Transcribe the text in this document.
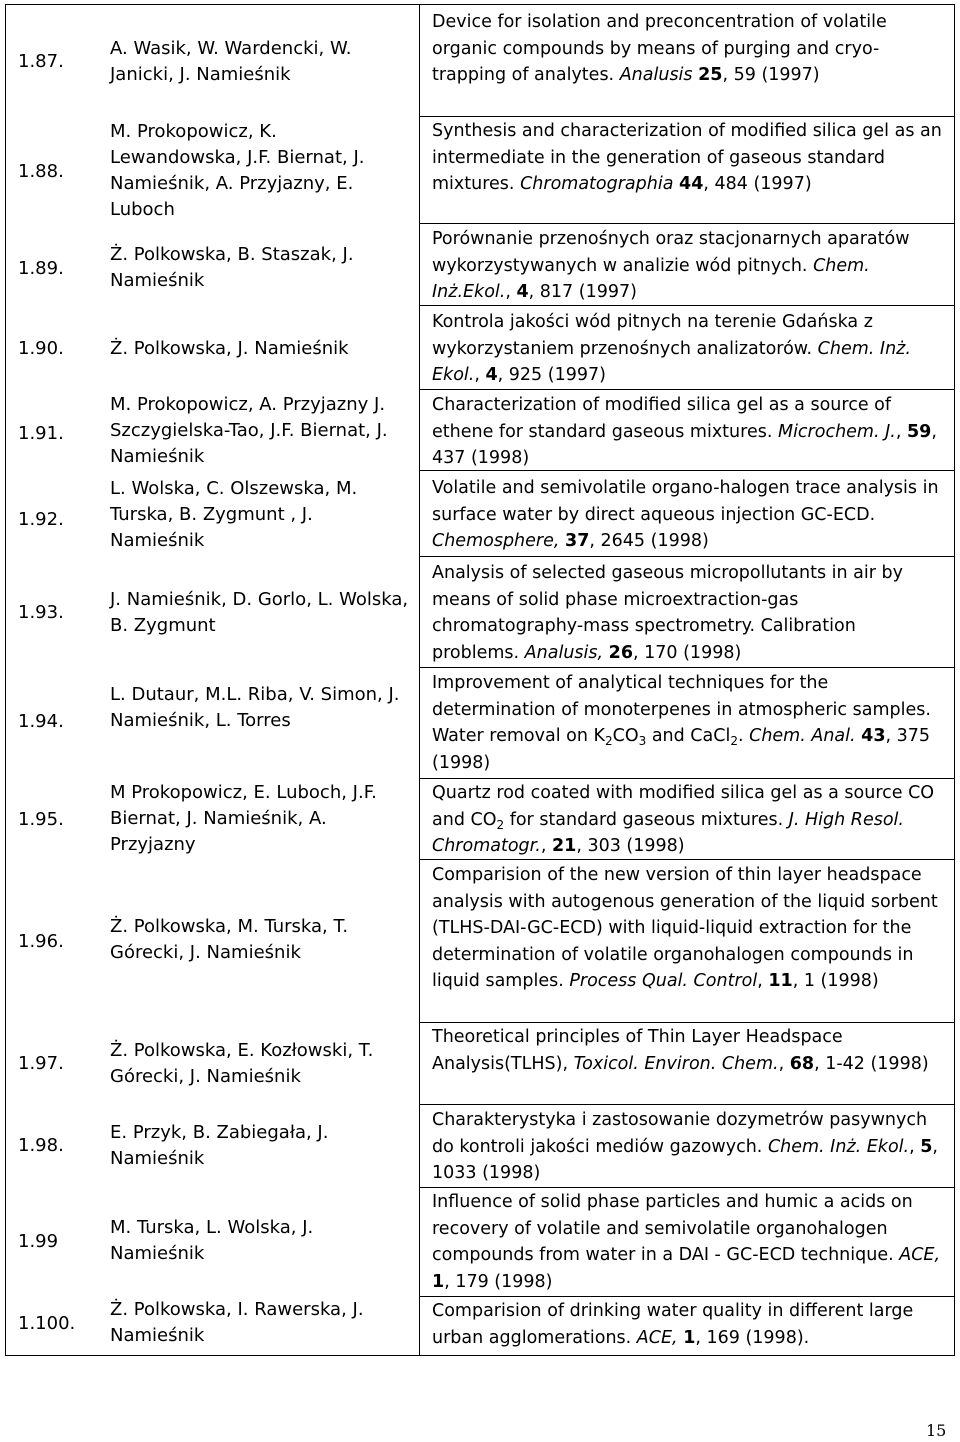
1.87.
A. Wasik, W. Wardencki, W. Janicki, J. Namieśnik
Device for isolation and preconcentration of volatile organic compounds by means of purging and cryo- trapping of analytes. Analusis 25, 59 (1997)
1.88.
M. Prokopowicz, K. Lewandowska, J.F. Biernat, J. Namieśnik, A. Przyjazny, E. Luboch
Synthesis and characterization of modified silica gel as an intermediate in the generation of gaseous standard mixtures. Chromatographia 44, 484 (1997)
1.89.
Ż. Polkowska, B. Staszak, J. Namieśnik
Porównanie przenośnych oraz stacjonarnych aparatów wykorzystywanych w analizie wód pitnych. Chem. Inż.Ekol., 4, 817 (1997)
1.90.	Ż. Polkowska, J. Namieśnik
Kontrola jakości wód pitnych na terenie Gdańska z wykorzystaniem przenośnych analizatorów. Chem. Inż. Ekol., 4, 925 (1997)
1.91.
M. Prokopowicz, A. Przyjazny J. Szczygielska-Tao, J.F. Biernat, J. Namieśnik
Characterization of modified silica gel as a source of ethene for standard gaseous mixtures. Microchem. J., 59, 437 (1998)
1.92.
L. Wolska, C. Olszewska, M. Turska, B. Zygmunt , J. Namieśnik
Volatile and semivolatile organo-halogen trace analysis in surface water by direct aqueous injection GC-ECD. Chemosphere, 37, 2645 (1998)
1.93.
J. Namieśnik, D. Gorlo, L. Wolska, B. Zygmunt
Analysis of selected gaseous micropollutants in air by means of solid phase microextraction-gas chromatography-mass spectrometry. Calibration problems. Analusis, 26, 170 (1998)
1.94.
L. Dutaur, M.L. Riba, V. Simon, J. Namieśnik, L. Torres
Improvement of analytical techniques for the determination of monoterpenes in atmospheric samples. Water removal on $K_2CO_3$ and CaCl$_2$. Chem. Anal. 43, 375 (1998)
1.95.
M Prokopowicz, E. Luboch, J.F. Biernat, J. Namieśnik, A. Przyjazny
Quartz rod coated with modified silica gel as a source CO and $CO_2$ for standard gaseous mixtures. J. High Resol. Chromatogr., 21, 303 (1998)
1.96.
Ż. Polkowska, M. Turska, T. Górecki, J. Namieśnik
Comparision of the new version of thin layer headspace analysis with autogenous generation of the liquid sorbent (TLHS-DAI-GC-ECD) with liquid-liquid extraction for the determination of volatile organohalogen compounds in liquid samples. Process Qual. Control, 11, 1 (1998)
1.97.
Ż. Polkowska, E. Kozłowski, T. Górecki, J. Namieśnik
Theoretical principles of Thin Layer Headspace Analysis(TLHS), Toxicol. Environ. Chem., 68, 1-42 (1998)
1.98.
E. Przyk, B. Zabiegała, J. Namieśnik
Charakterystyka i zastosowanie dozymetrów pasywnych do kontroli jakości mediów gazowych. Chem. Inż. Ekol., 5, 1033 (1998)
1.99
M. Turska, L. Wolska, J. Namieśnik
Influence of solid phase particles and humic a acids on recovery of volatile and semivolatile organohalogen compounds from water in a DAI - GC-ECD technique. ACE, 1, 179 (1998)
1.100.
Ż. Polkowska, I. Rawerska, J. Namieśnik
Comparision of drinking water quality in different large urban agglomerations. ACE, 1, 169 (1998).
15
